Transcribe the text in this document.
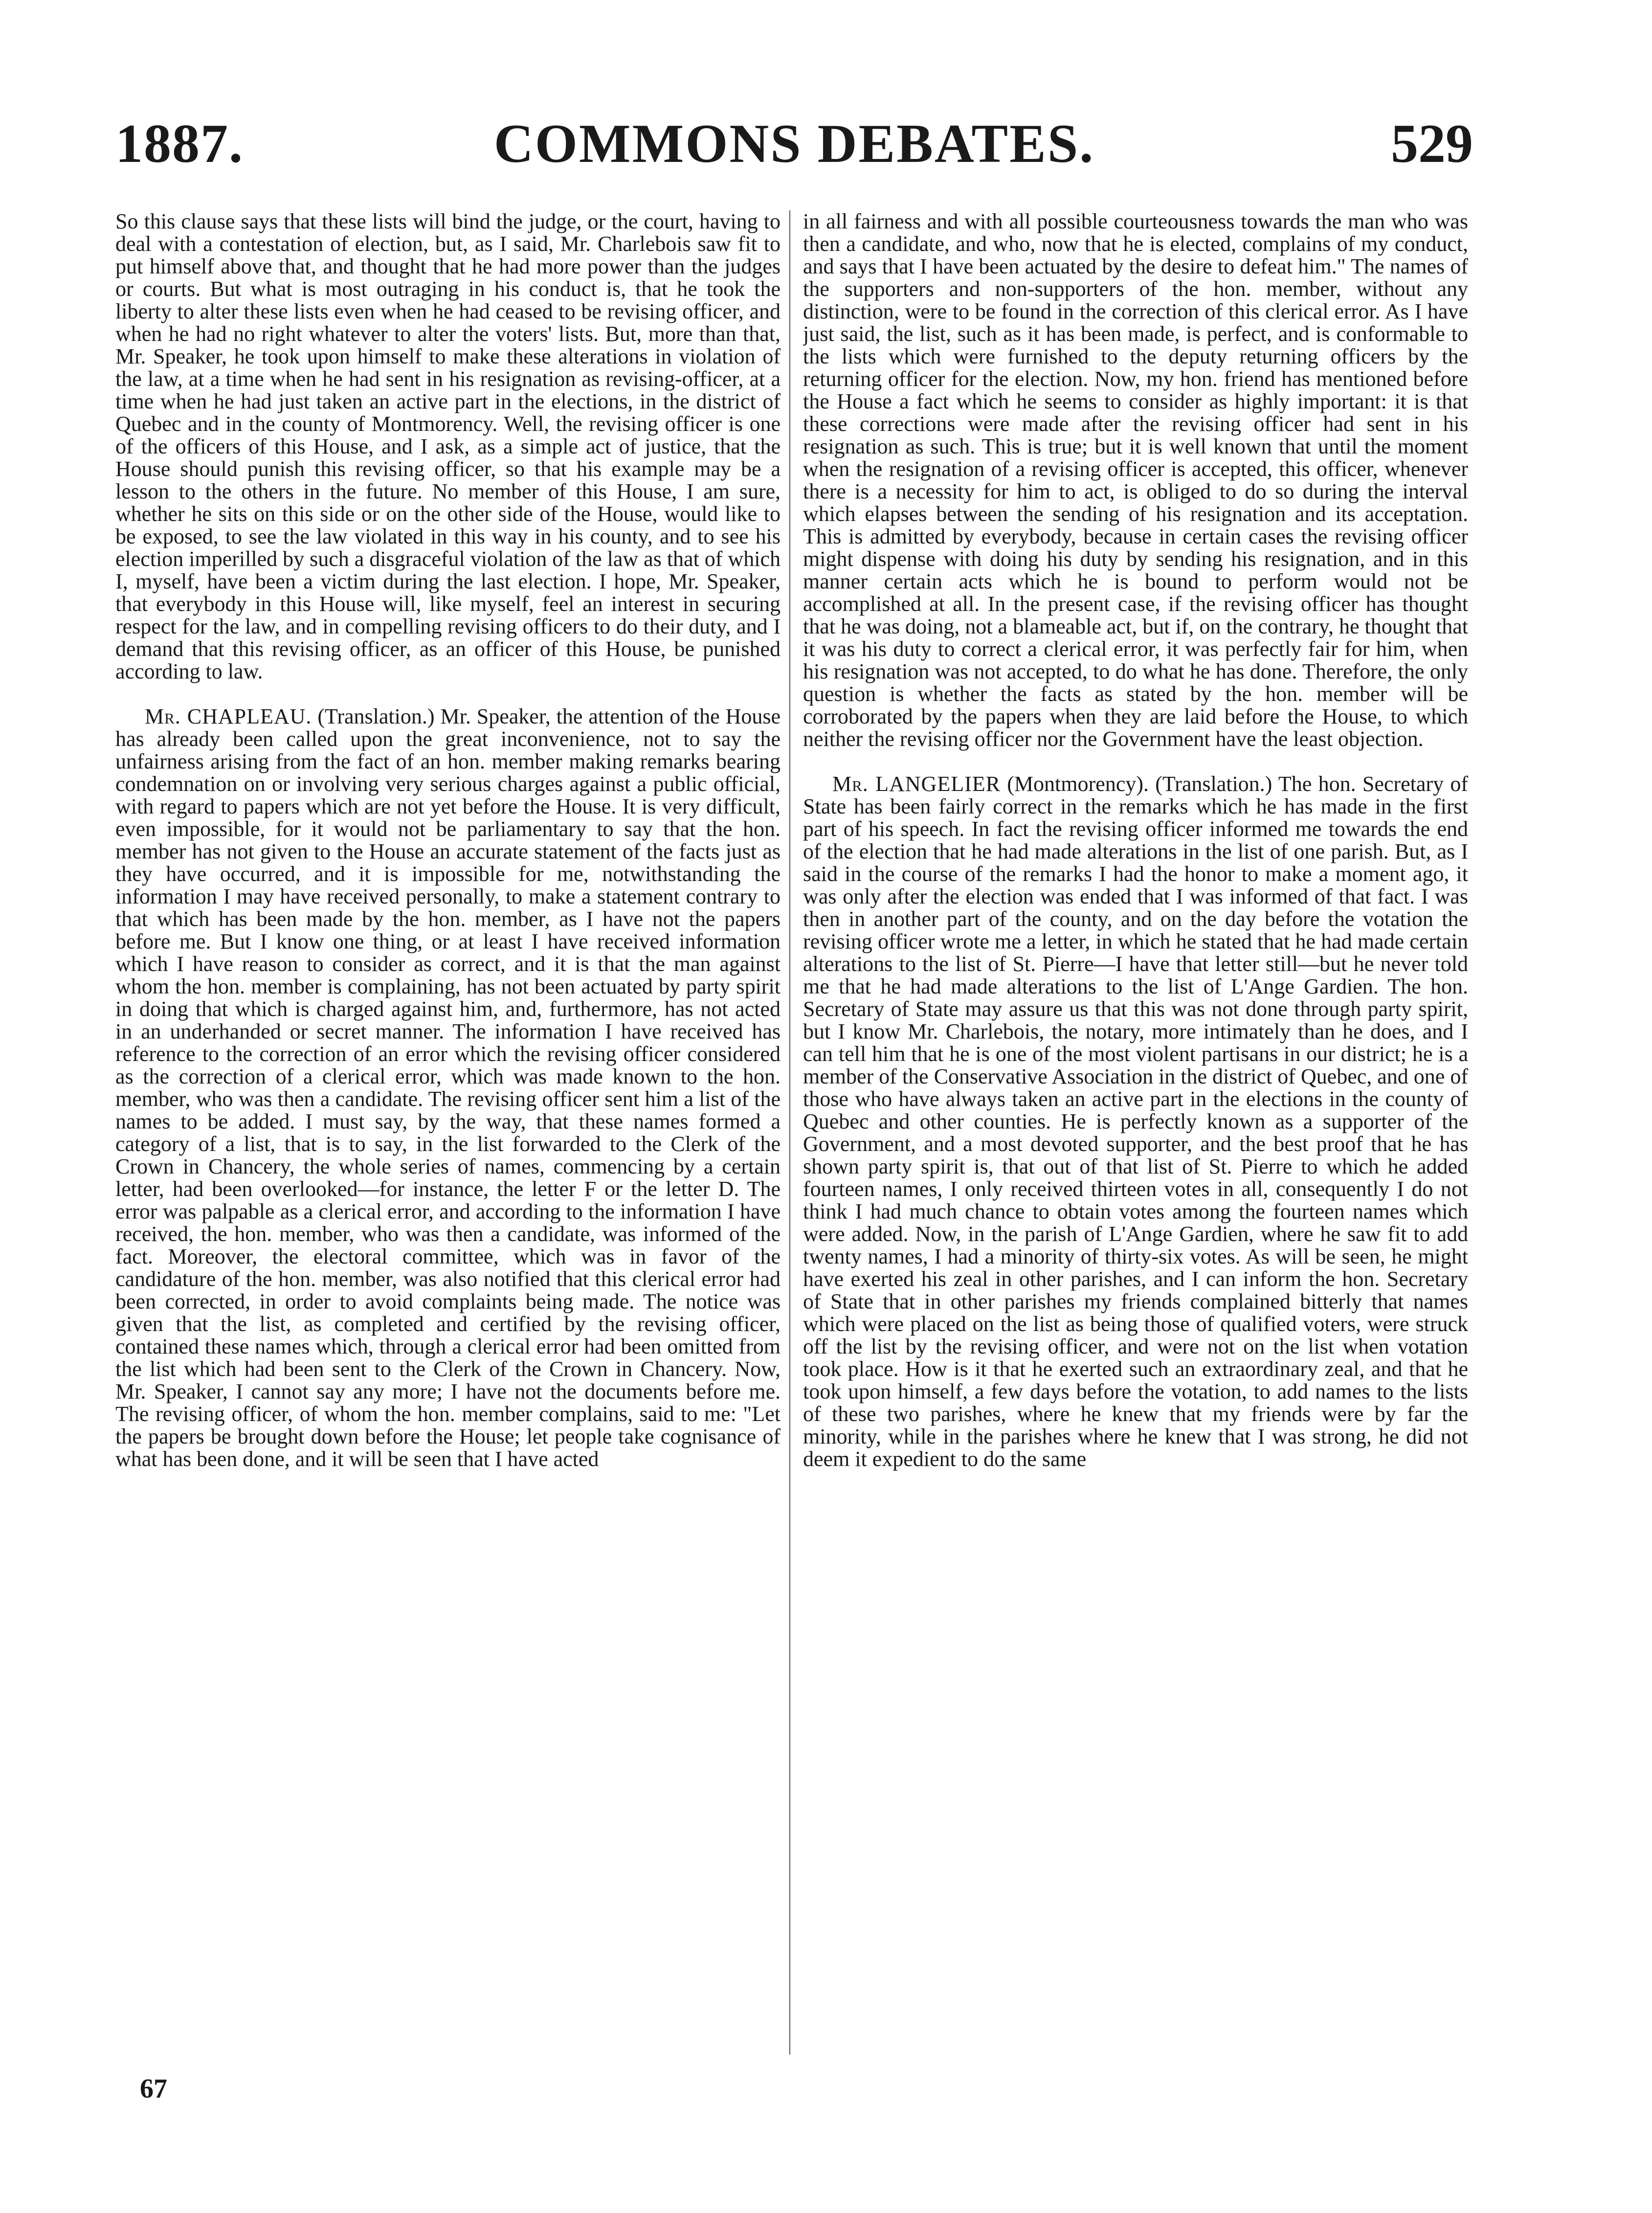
1887.	COMMONS DEBATES.	529

So this clause says that these lists will bind the judge, or the court, having to deal with a contestation of election, but, as I said, Mr. Charlebois saw fit to put himself above that, and thought that he had more power than the judges or courts. But what is most outraging in his conduct is, that he took the liberty to alter these lists even when he had ceased to be revising officer, and when he had no right whatever to alter the voters' lists. But, more than that, Mr. Speaker, he took upon himself to make these alterations in violation of the law, at a time when he had sent in his resignation as revising-officer, at a time when he had just taken an active part in the elections, in the district of Quebec and in the county of Montmorency. Well, the revising officer is one of the officers of this House, and I ask, as a simple act of justice, that the House should punish this revising officer, so that his example may be a lesson to the others in the future. No member of this House, I am sure, whether he sits on this side or on the other side of the House, would like to be exposed, to see the law violated in this way in his county, and to see his election imperilled by such a disgraceful violation of the law as that of which I, myself, have been a victim during the last election. I hope, Mr. Speaker, that everybody in this House will, like myself, feel an interest in securing respect for the law, and in compelling revising officers to do their duty, and I demand that this revising officer, as an officer of this House, be punished according to law.

Mr. CHAPLEAU. (Translation.) Mr. Speaker, the attention of the House has already been called upon the great inconvenience, not to say the unfairness arising from the fact of an hon. member making remarks bearing condemnation on or involving very serious charges against a public official, with regard to papers which are not yet before the House. It is very difficult, even impossible, for it would not be parliamentary to say that the hon. member has not given to the House an accurate statement of the facts just as they have occurred, and it is impossible for me, notwithstanding the information I may have received personally, to make a statement contrary to that which has been made by the hon. member, as I have not the papers before me. But I know one thing, or at least I have received information which I have reason to consider as correct, and it is that the man against whom the hon. member is complaining, has not been actuated by party spirit in doing that which is charged against him, and, furthermore, has not acted in an underhanded or secret manner. The information I have received has reference to the correction of an error which the revising officer considered as the correction of a clerical error, which was made known to the hon. member, who was then a candidate. The revising officer sent him a list of the names to be added. I must say, by the way, that these names formed a category of a list, that is to say, in the list forwarded to the Clerk of the Crown in Chancery, the whole series of names, commencing by a certain letter, had been overlooked—for instance, the letter F or the letter D. The error was palpable as a clerical error, and according to the information I have received, the hon. member, who was then a candidate, was informed of the fact. Moreover, the electoral committee, which was in favor of the candidature of the hon. member, was also notified that this clerical error had been corrected, in order to avoid complaints being made. The notice was given that the list, as completed and certified by the revising officer, contained these names which, through a clerical error had been omitted from the list which had been sent to the Clerk of the Crown in Chancery. Now, Mr. Speaker, I cannot say any more; I have not the documents before me. The revising officer, of whom the hon. member complains, said to me: "Let the papers be brought down before the House; let people take cognisance of what has been done, and it will be seen that I have acted

in all fairness and with all possible courteousness towards the man who was then a candidate, and who, now that he is elected, complains of my conduct, and says that I have been actuated by the desire to defeat him." The names of the supporters and non-supporters of the hon. member, without any distinction, were to be found in the correction of this clerical error. As I have just said, the list, such as it has been made, is perfect, and is conformable to the lists which were furnished to the deputy returning officers by the returning officer for the election. Now, my hon. friend has mentioned before the House a fact which he seems to consider as highly important: it is that these corrections were made after the revising officer had sent in his resignation as such. This is true; but it is well known that until the moment when the resignation of a revising officer is accepted, this officer, whenever there is a necessity for him to act, is obliged to do so during the interval which elapses between the sending of his resignation and its acceptation. This is admitted by everybody, because in certain cases the revising officer might dispense with doing his duty by sending his resignation, and in this manner certain acts which he is bound to perform would not be accomplished at all. In the present case, if the revising officer has thought that he was doing, not a blameable act, but if, on the contrary, he thought that it was his duty to correct a clerical error, it was perfectly fair for him, when his resignation was not accepted, to do what he has done. Therefore, the only question is whether the facts as stated by the hon. member will be corroborated by the papers when they are laid before the House, to which neither the revising officer nor the Government have the least objection.

Mr. LANGELIER (Montmorency). (Translation.) The hon. Secretary of State has been fairly correct in the remarks which he has made in the first part of his speech. In fact the revising officer informed me towards the end of the election that he had made alterations in the list of one parish. But, as I said in the course of the remarks I had the honor to make a moment ago, it was only after the election was ended that I was informed of that fact. I was then in another part of the county, and on the day before the votation the revising officer wrote me a letter, in which he stated that he had made certain alterations to the list of St. Pierre—I have that letter still—but he never told me that he had made alterations to the list of L'Ange Gardien. The hon. Secretary of State may assure us that this was not done through party spirit, but I know Mr. Charlebois, the notary, more intimately than he does, and I can tell him that he is one of the most violent partisans in our district; he is a member of the Conservative Association in the district of Quebec, and one of those who have always taken an active part in the elections in the county of Quebec and other counties. He is perfectly known as a supporter of the Government, and a most devoted supporter, and the best proof that he has shown party spirit is, that out of that list of St. Pierre to which he added fourteen names, I only received thirteen votes in all, consequently I do not think I had much chance to obtain votes among the fourteen names which were added. Now, in the parish of L'Ange Gardien, where he saw fit to add twenty names, I had a minority of thirty-six votes. As will be seen, he might have exerted his zeal in other parishes, and I can inform the hon. Secretary of State that in other parishes my friends complained bitterly that names which were placed on the list as being those of qualified voters, were struck off the list by the revising officer, and were not on the list when votation took place. How is it that he exerted such an extraordinary zeal, and that he took upon himself, a few days before the votation, to add names to the lists of these two parishes, where he knew that my friends were by far the minority, while in the parishes where he knew that I was strong, he did not deem it expedient to do the same

67
